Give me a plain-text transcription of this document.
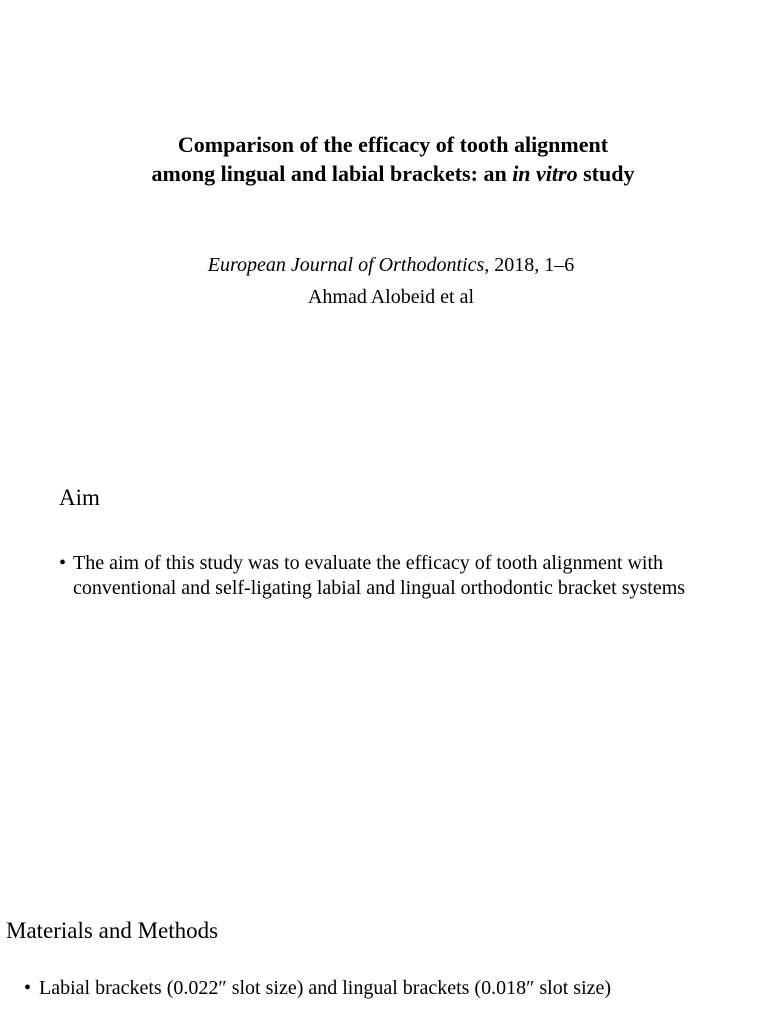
Comparison of the efficacy of tooth alignment
among lingual and labial brackets: an in vitro study
European Journal of Orthodontics, 2018, 1–6
Ahmad Alobeid et al
Aim
• The aim of this study was to evaluate the efficacy of tooth alignment with conventional and self-ligating labial and lingual orthodontic bracket systems
Materials and Methods
• Labial brackets (0.022″ slot size) and lingual brackets (0.018″ slot size)
